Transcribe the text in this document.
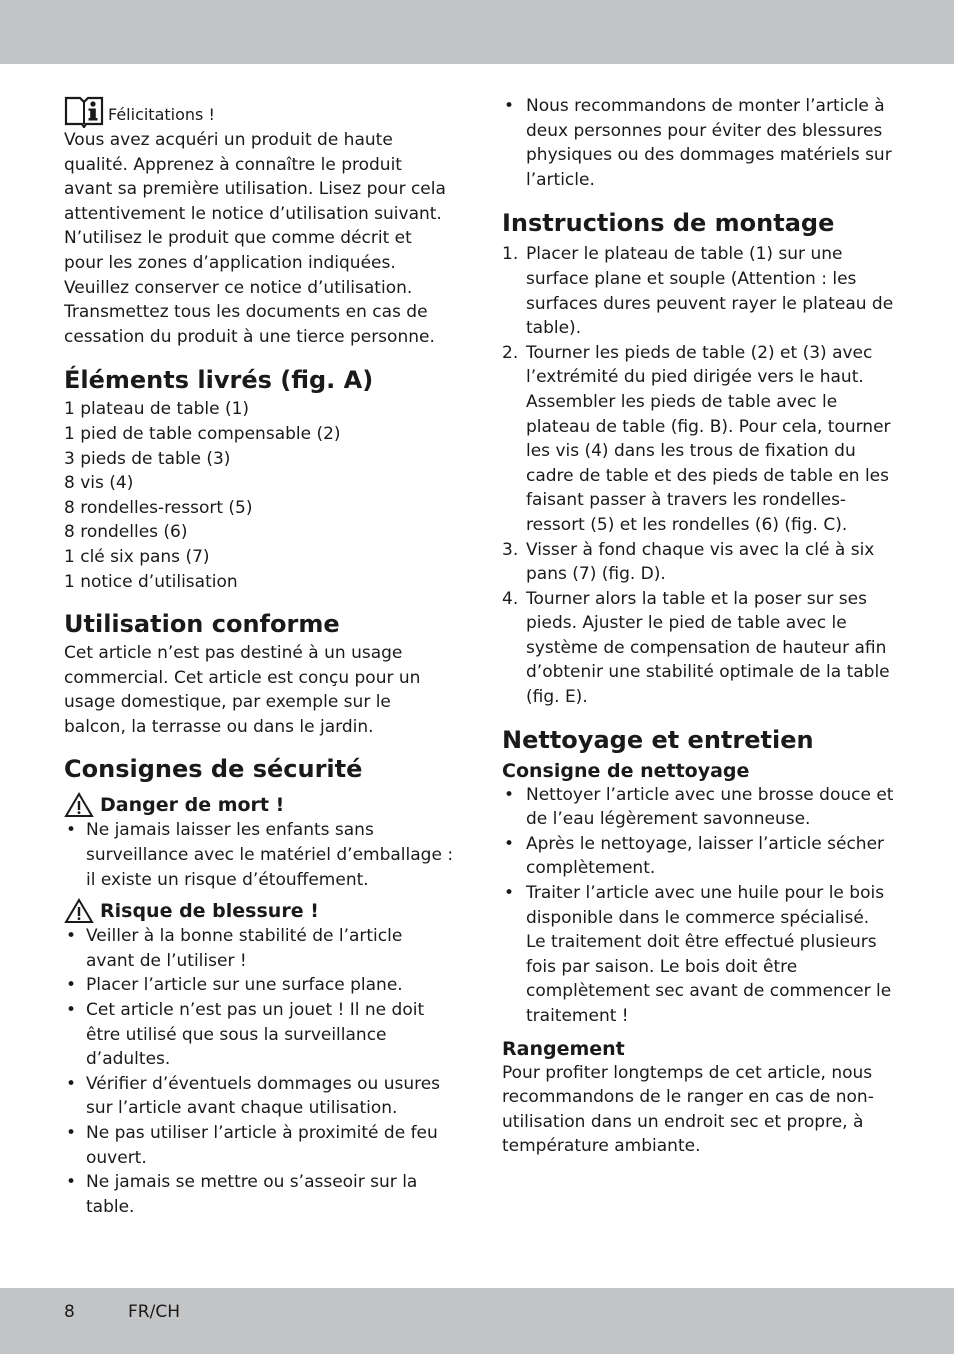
Félicitations !

Vous avez acquéri un produit de haute qualité. Apprenez à connaître le produit avant sa première utilisation. Lisez pour cela attentivement le notice d’utilisation suivant.

N’utilisez le produit que comme décrit et pour les zones d’application indiquées. Veuillez conserver ce notice d’utilisation. Transmettez tous les documents en cas de cessation du produit à une tierce personne.

Éléments livrés (fig. A)
1 plateau de table (1)
1 pied de table compensable (2)
3 pieds de table (3)
8 vis (4)
8 rondelles-ressort (5)
8 rondelles (6)
1 clé six pans (7)
1 notice d’utilisation
Utilisation conforme

Cet article n’est pas destiné à un usage commercial. Cet article est conçu pour un usage domestique, par exemple sur le balcon, la terrasse ou dans le jardin.

Consignes de sécurité
Danger de mort !
• Ne jamais laisser les enfants sans surveillance avec le matériel d’emballage : il existe un risque d’étouffement.
Risque de blessure !
• Veiller à la bonne stabilité de l’article avant de l’utiliser !
• Placer l’article sur une surface plane.
• Cet article n’est pas un jouet ! Il ne doit être utilisé que sous la surveillance d’adultes.
• Vérifier d’éventuels dommages ou usures sur l’article avant chaque utilisation.
• Ne pas utiliser l’article à proximité de feu ouvert.
• Ne jamais se mettre ou s’asseoir sur la table.
• Nous recommandons de monter l’article à deux personnes pour éviter des blessures physiques ou des dommages matériels sur l’article.
Instructions de montage
1. Placer le plateau de table (1) sur une surface plane et souple (Attention : les surfaces dures peuvent rayer le plateau de table).
2. Tourner les pieds de table (2) et (3) avec l’extrémité du pied dirigée vers le haut. Assembler les pieds de table avec le plateau de table (fig. B). Pour cela, tourner les vis (4) dans les trous de fixation du cadre de table et des pieds de table en les faisant passer à travers les rondelles-ressort (5) et les rondelles (6) (fig. C).
3. Visser à fond chaque vis avec la clé à six pans (7) (fig. D).
4. Tourner alors la table et la poser sur ses pieds. Ajuster le pied de table avec le système de compensation de hauteur afin d’obtenir une stabilité optimale de la table (fig. E).
Nettoyage et entretien
Consigne de nettoyage
• Nettoyer l’article avec une brosse douce et de l’eau légèrement savonneuse.
• Après le nettoyage, laisser l’article sécher complètement.
• Traiter l’article avec une huile pour le bois disponible dans le commerce spécialisé.

Le traitement doit être effectué plusieurs fois par saison. Le bois doit être complètement sec avant de commencer le traitement !

Rangement

Pour profiter longtemps de cet article, nous recommandons de le ranger en cas de non-utilisation dans un endroit sec et propre, à température ambiante.

8	FR/CH
